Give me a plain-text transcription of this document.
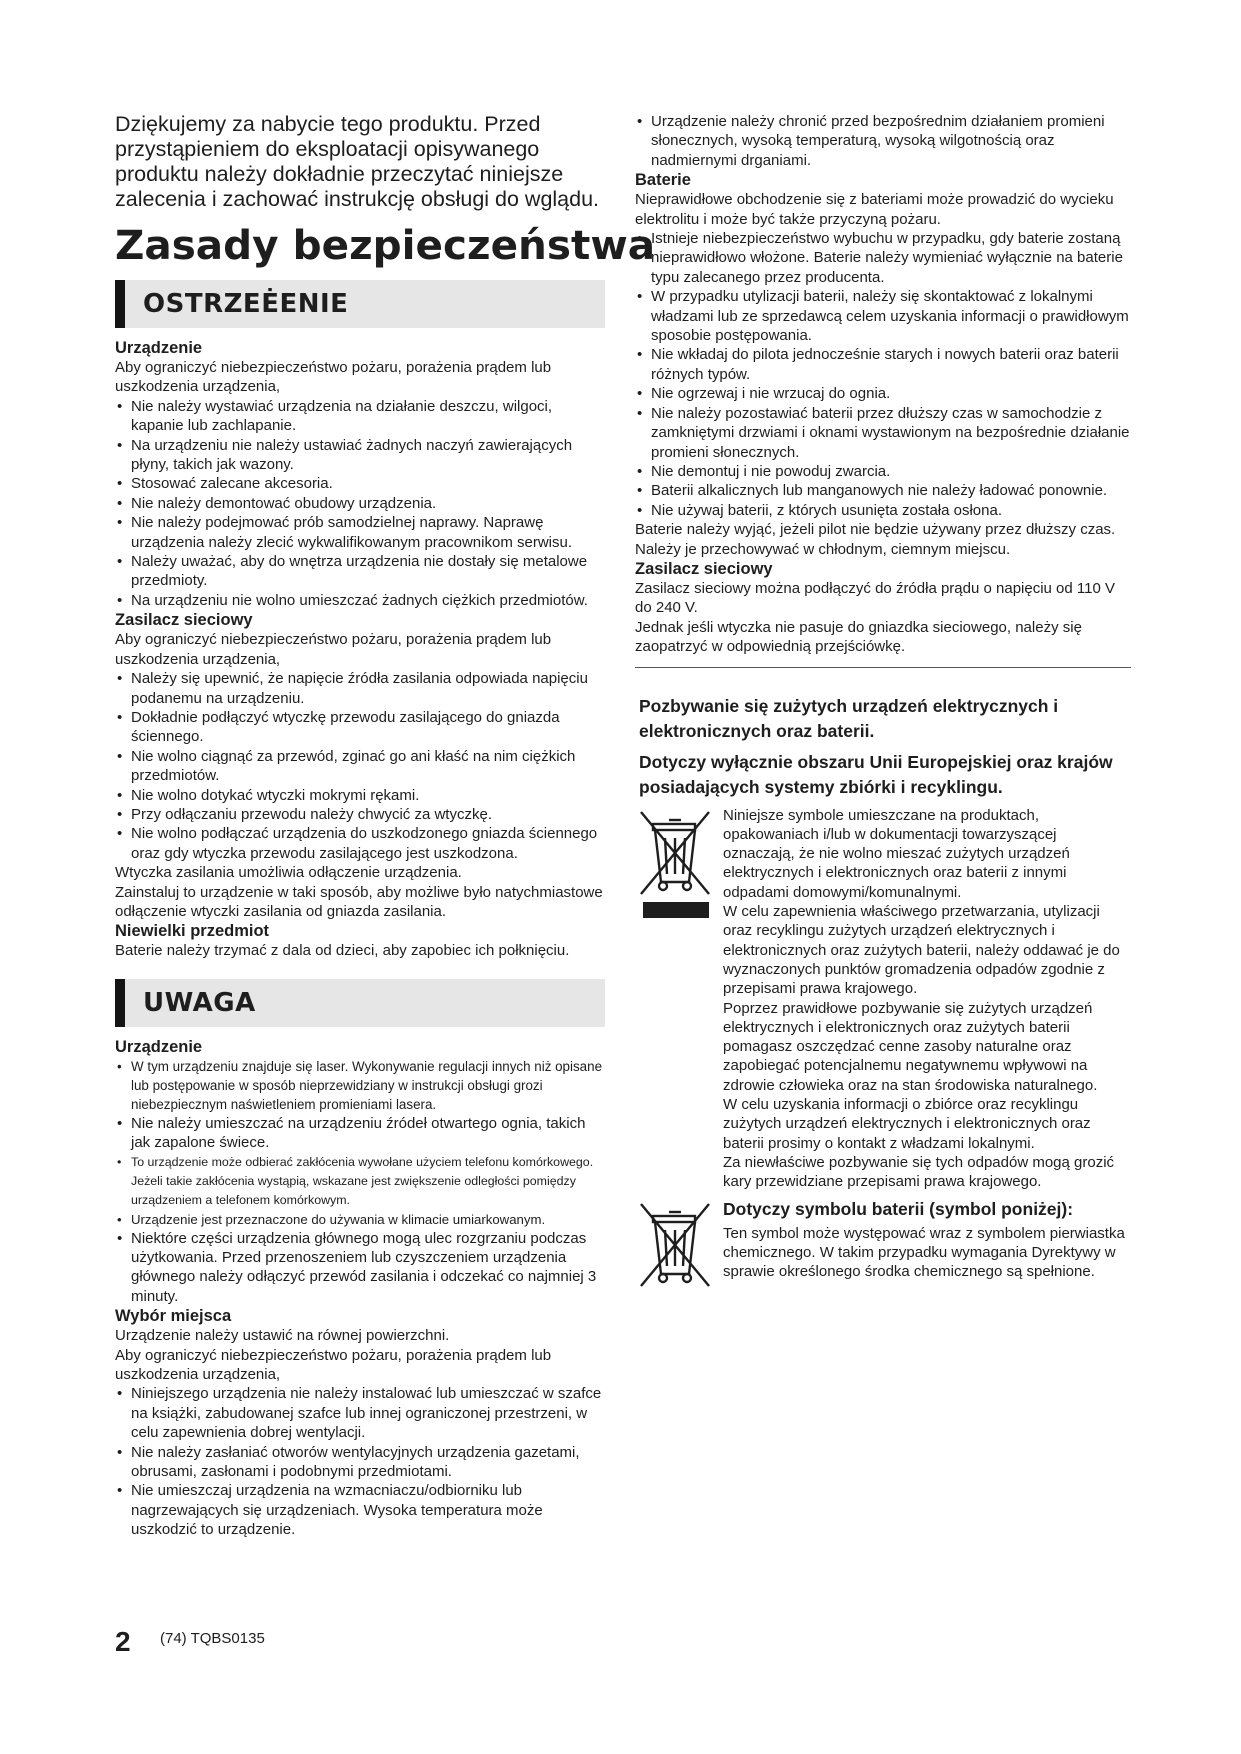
Dziękujemy za nabycie tego produktu. Przed przystąpieniem do eksploatacji opisywanego produktu należy dokładnie przeczytać niniejsze zalecenia i zachować instrukcję obsługi do wglądu.

Zasady bezpieczeństwa
OSTRZEĖENIE
Urządzenie

Aby ograniczyć niebezpieczeństwo pożaru, porażenia prądem lub uszkodzenia urządzenia,

• Nie należy wystawiać urządzenia na działanie deszczu, wilgoci, kapanie lub zachlapanie.
• Na urządzeniu nie należy ustawiać żadnych naczyń zawierających płyny, takich jak wazony.
• Stosować zalecane akcesoria.
• Nie należy demontować obudowy urządzenia.
• Nie należy podejmować prób samodzielnej naprawy. Naprawę urządzenia należy zlecić wykwalifikowanym pracownikom serwisu.
• Należy uważać, aby do wnętrza urządzenia nie dostały się metalowe przedmioty.
• Na urządzeniu nie wolno umieszczać żadnych ciężkich przedmiotów.
Zasilacz sieciowy

Aby ograniczyć niebezpieczeństwo pożaru, porażenia prądem lub uszkodzenia urządzenia,

• Należy się upewnić, że napięcie źródła zasilania odpowiada napięciu podanemu na urządzeniu.
• Dokładnie podłączyć wtyczkę przewodu zasilającego do gniazda ściennego.
• Nie wolno ciągnąć za przewód, zginać go ani kłaść na nim ciężkich przedmiotów.
• Nie wolno dotykać wtyczki mokrymi rękami.
• Przy odłączaniu przewodu należy chwycić za wtyczkę.
• Nie wolno podłączać urządzenia do uszkodzonego gniazda ściennego oraz gdy wtyczka przewodu zasilającego jest uszkodzona.

Wtyczka zasilania umożliwia odłączenie urządzenia.

Zainstaluj to urządzenie w taki sposób, aby możliwe było natychmiastowe odłączenie wtyczki zasilania od gniazda zasilania.

Niewielki przedmiot

Baterie należy trzymać z dala od dzieci, aby zapobiec ich połknięciu.

UWAGA
Urządzenie
• W tym urządzeniu znajduje się laser. Wykonywanie regulacji innych niż opisane lub postępowanie w sposób nieprzewidziany w instrukcji obsługi grozi niebezpiecznym naświetleniem promieniami lasera.
• Nie należy umieszczać na urządzeniu źródeł otwartego ognia, takich jak zapalone świece.
• To urządzenie może odbierać zakłócenia wywołane użyciem telefonu komórkowego. Jeżeli takie zakłócenia wystąpią, wskazane jest zwiększenie odległości pomiędzy urządzeniem a telefonem komórkowym.
• Urządzenie jest przeznaczone do używania w klimacie umiarkowanym.
• Niektóre części urządzenia głównego mogą ulec rozgrzaniu podczas użytkowania. Przed przenoszeniem lub czyszczeniem urządzenia głównego należy odłączyć przewód zasilania i odczekać co najmniej 3 minuty.
Wybór miejsca

Urządzenie należy ustawić na równej powierzchni.

Aby ograniczyć niebezpieczeństwo pożaru, porażenia prądem lub uszkodzenia urządzenia,

• Niniejszego urządzenia nie należy instalować lub umieszczać w szafce na książki, zabudowanej szafce lub innej ograniczonej przestrzeni, w celu zapewnienia dobrej wentylacji.
• Nie należy zasłaniać otworów wentylacyjnych urządzenia gazetami, obrusami, zasłonami i podobnymi przedmiotami.
• Nie umieszczaj urządzenia na wzmacniaczu/odbiorniku lub nagrzewających się urządzeniach. Wysoka temperatura może uszkodzić to urządzenie.
• Urządzenie należy chronić przed bezpośrednim działaniem promieni słonecznych, wysoką temperaturą, wysoką wilgotnością oraz nadmiernymi drganiami.
Baterie

Nieprawidłowe obchodzenie się z bateriami może prowadzić do wycieku elektrolitu i może być także przyczyną pożaru.

• Istnieje niebezpieczeństwo wybuchu w przypadku, gdy baterie zostaną nieprawidłowo włożone. Baterie należy wymieniać wyłącznie na baterie typu zalecanego przez producenta.
• W przypadku utylizacji baterii, należy się skontaktować z lokalnymi władzami lub ze sprzedawcą celem uzyskania informacji o prawidłowym sposobie postępowania.
• Nie wkładaj do pilota jednocześnie starych i nowych baterii oraz baterii różnych typów.
• Nie ogrzewaj i nie wrzucaj do ognia.
• Nie należy pozostawiać baterii przez dłuższy czas w samochodzie z zamkniętymi drzwiami i oknami wystawionym na bezpośrednie działanie promieni słonecznych.
• Nie demontuj i nie powoduj zwarcia.
• Baterii alkalicznych lub manganowych nie należy ładować ponownie.
• Nie używaj baterii, z których usunięta została osłona.

Baterie należy wyjąć, jeżeli pilot nie będzie używany przez dłuższy czas. Należy je przechowywać w chłodnym, ciemnym miejscu.

Zasilacz sieciowy

Zasilacz sieciowy można podłączyć do źródła prądu o napięciu od 110 V do 240 V.

Jednak jeśli wtyczka nie pasuje do gniazdka sieciowego, należy się zaopatrzyć w odpowiednią przejściówkę.

Pozbywanie się zużytych urządzeń elektrycznych i elektronicznych oraz baterii.

Dotyczy wyłącznie obszaru Unii Europejskiej oraz krajów posiadających systemy zbiórki i recyklingu.

Niniejsze symbole umieszczane na produktach, opakowaniach i/lub w dokumentacji towarzyszącej oznaczają, że nie wolno mieszać zużytych urządzeń elektrycznych i elektronicznych oraz baterii z innymi odpadami domowymi/komunalnymi.

W celu zapewnienia właściwego przetwarzania, utylizacji oraz recyklingu zużytych urządzeń elektrycznych i elektronicznych oraz zużytych baterii, należy oddawać je do wyznaczonych punktów gromadzenia odpadów zgodnie z przepisami prawa krajowego.

Poprzez prawidłowe pozbywanie się zużytych urządzeń elektrycznych i elektronicznych oraz zużytych baterii pomagasz oszczędzać cenne zasoby naturalne oraz zapobiegać potencjalnemu negatywnemu wpływowi na zdrowie człowieka oraz na stan środowiska naturalnego.

W celu uzyskania informacji o zbiórce oraz recyklingu zużytych urządzeń elektrycznych i elektronicznych oraz baterii prosimy o kontakt z władzami lokalnymi.

Za niewłaściwe pozbywanie się tych odpadów mogą grozić kary przewidziane przepisami prawa krajowego.

Dotyczy symbolu baterii (symbol poniżej):

Ten symbol może występować wraz z symbolem pierwiastka chemicznego. W takim przypadku wymagania Dyrektywy w sprawie określonego środka chemicznego są spełnione.

2 (74) TQBS0135
